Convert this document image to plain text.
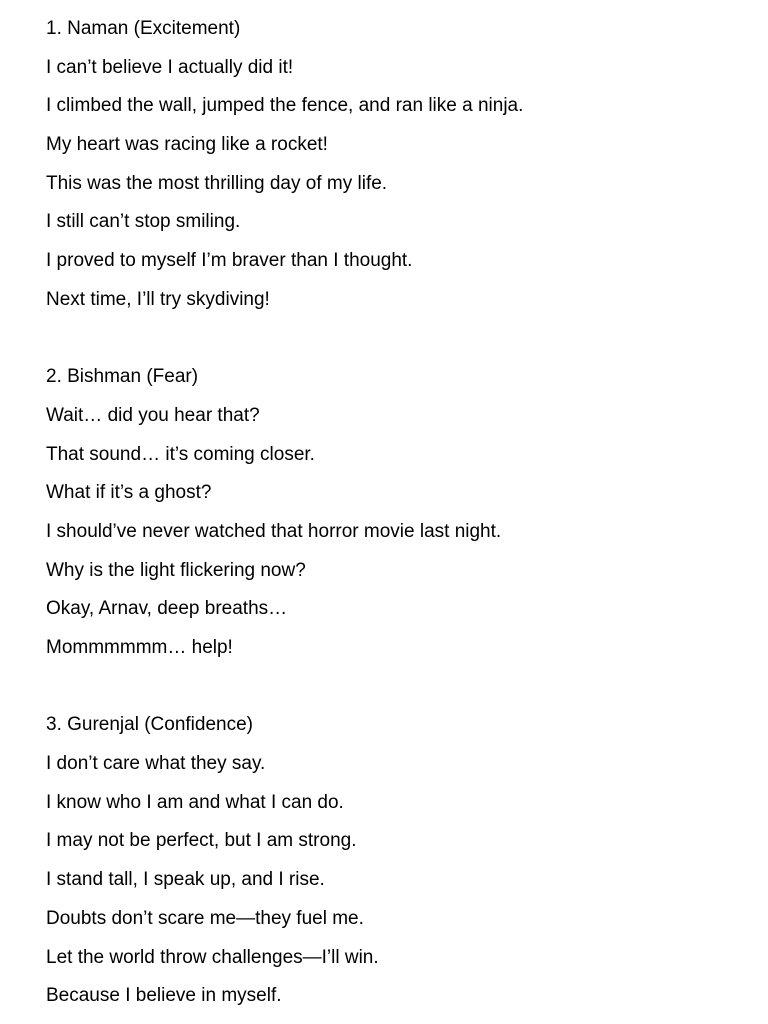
1. Naman (Excitement)
I can’t believe I actually did it!
I climbed the wall, jumped the fence, and ran like a ninja.
My heart was racing like a rocket!
This was the most thrilling day of my life.
I still can’t stop smiling.
I proved to myself I’m braver than I thought.
Next time, I’ll try skydiving!
2. Bishman (Fear)
Wait… did you hear that?
That sound… it’s coming closer.
What if it’s a ghost?
I should’ve never watched that horror movie last night.
Why is the light flickering now?
Okay, Arnav, deep breaths…
Mommmmmm… help!
3. Gurenjal (Confidence)
I don’t care what they say.
I know who I am and what I can do.
I may not be perfect, but I am strong.
I stand tall, I speak up, and I rise.
Doubts don’t scare me—they fuel me.
Let the world throw challenges—I’ll win.
Because I believe in myself.
